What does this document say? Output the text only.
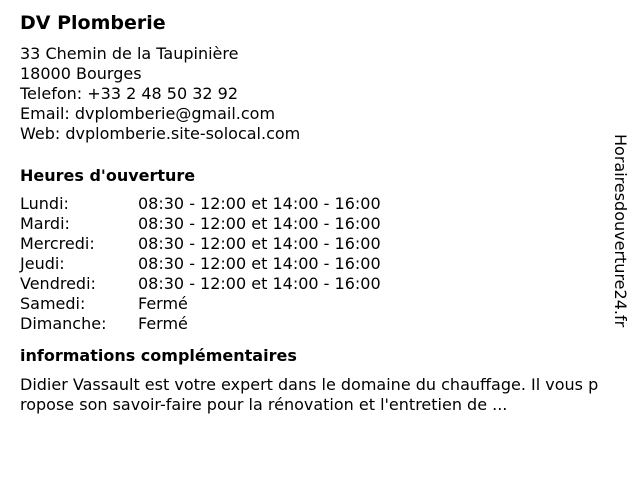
DV Plomberie
33 Chemin de la Taupinière
18000 Bourges
Telefon: +33 2 48 50 32 92
Email: dvplomberie@gmail.com
Web: dvplomberie.site-solocal.com
Heures d'ouverture
Lundi:	08:30 - 12:00 et 14:00 - 16:00
Mardi:	08:30 - 12:00 et 14:00 - 16:00
Mercredi:	08:30 - 12:00 et 14:00 - 16:00
Jeudi:	08:30 - 12:00 et 14:00 - 16:00
Vendredi:	08:30 - 12:00 et 14:00 - 16:00
Samedi:	Fermé
Dimanche:	Fermé
informations complémentaires
Didier Vassault est votre expert dans le domaine du chauffage. Il vous propose son savoir-faire pour la rénovation et l'entretien de ...
Horairesdouverture24.fr
